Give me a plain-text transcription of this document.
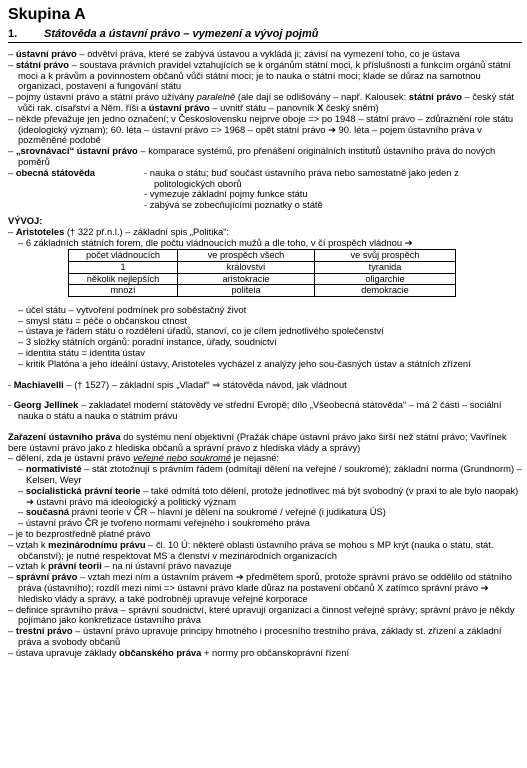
Skupina A
1. Státověda a ústavní právo – vymezení a vývoj pojmů

– ústavní právo – odvětví práva, které se zabývá ústavou a vykládá ji; závisí na vymezení toho, co je ústava

– státní právo – soustava právních pravidel vztahujících se k orgánům státní moci, k příslušnosti a funkcím orgánů státní moci a k právům a povinnostem občanů vůči státní moci; je to nauka o státní moci; klade se důraz na samotnou organizaci, postavení a fungování státu

– pojmy ústavní právo a státní právo užívány paralelně (ale dají se odlišovány – např. Kalousek: státní právo – český stát vůči rak. císařství a Něm. říši a ústavní právo – uvnitř státu – panovník X český sněm)

– někde převažuje jen jedno označení; v Československu nejprve oboje => po 1948 – státní právo – zdůraznění role státu (ideologický význam); 60. léta – ústavní právo => 1968 – opět státní právo ➔ 90. léta – pojem ústavního práva v pozměněné podobě

– „srovnávací“ ústavní právo – komparace systémů, pro přenášení originálních institutů ústavního práva do nových poměrů

– obecná státověda	- nauka o státu; buď součást ústavního práva nebo samostatně jako jeden z politologických oborů

- vymezuje základní pojmy funkce státu

- zabývá se zobecňujícími poznatky o státě

VÝVOJ:

– Aristoteles († 322 př.n.l.) – základní spis „Politika“:

– 6 základních státních forem, dle počtu vládnoucích mužů a dle toho, v čí prospěch vládnou ➔

počet vládnoucích	ve prospěch všech	ve svůj prospěch
1	království	tyranida
několik nejlepších	aristokracie	oligarchie
mnozí	politeia	demokracie

– účel státu – vytvoření podmínek pro soběstačný život

– smysl státu = péče o občanskou ctnost

– ústava je řádem státu o rozdělení úřadů, stanoví, co je cílem jednotlivého společenství

– 3 složky státních orgánů: poradní instance, úřady, soudnictví

– identita státu = identita ústav

– kritik Platóna a jeho ideální ústavy, Aristoteles vycházel z analýzy jeho sou-časných ústav a státních zřízení

- Machiavelli – († 1527) – základní spis „Vladař“ ⇒ státověda návod, jak vládnout

- Georg Jellinek – zakladatel moderní státovědy ve střední Evropě; dílo „Všeobecná státověda“ – má 2 části – sociální nauka o státu a nauka o státním právu

Zařazení ústavního práva do systému není objektivní (Pražák chápe ústavní právo jako širší než státní právo; Vavřínek bere ústavní právo jako z hlediska občanů a správní právo z hlediska vlády a správy)

– dělení, zda je ústavní právo veřejné nebo soukromé je nejasné:

– normativisté – stát ztotožnují s právním řádem (odmítají dělení na veřejné / soukromé); základní norma (Grundnorm) – Kelsen, Weyr

– socialistická právní teorie – také odmítá toto dělení, protože jednotlivec má být svobodný (v praxi to ale bylo naopak) ➔ ústavní právo má ideologický a politický význam

– současná právní teorie v ČR – hlavní je dělení na soukromé / veřejné (i judikatura ÚS)

– ústavní právo ČR je tvořeno normami veřejného i soukromého práva

– je to bezprostředně platné právo

– vztah k mezinárodnímu právu – čl. 10 Ú: některé oblasti ústavního práva se mohou s MP krýt (nauka o státu, stát. občanství); je nutné respektovat MS a členství v mezinárodních organizacích

– vztah k právní teorii – na ni ústavní právo navazuje

– správní právo – vztah mezi ním a ústavním právem ➔ předmětem sporů, protože správní právo se oddělilo od státního práva (ústavního); rozdíl mezi nimi => ústavní právo klade důraz na postavení občanů X zatímco správní právo ➔ hledisko vlády a správy, a také podrobněji upravuje veřejné korporace

– definice správního práva – správní soudnictví, které upravují organizaci a činnost veřejné správy; správní právo je někdy pojímáno jako konkretizace ústavního práva

– trestní právo – ústavní právo upravuje principy hmotného i procesního trestního práva, základy st. zřízení a základní práva a svobody občanů

– ústava upravuje základy občanského práva + normy pro občanskoprávní řízení
